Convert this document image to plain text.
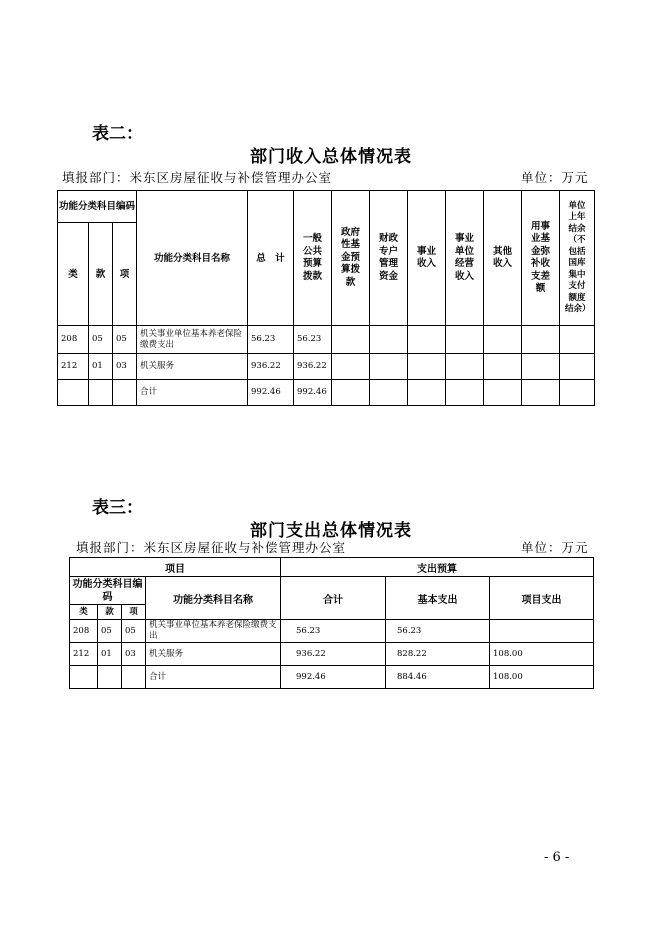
表二：
部门收入总体情况表
填报部门：米东区房屋征收与补偿管理办公室	单位：万元
功能分类科目编码			功能分类科目名称	总　计	一般公共预算拨款	政府性基金预算拨款	财政专户管理资金	事业收入	事业单位经营收入	其他收入	用事业基金弥补收支差额	单位上年结余（不包括国库集中支付额度结余）

类	款	项										
208	05	05	机关事业单位基本养老保险缴费支出	56.23	56.23							
212	01	03	机关服务	936.22	936.22							
			合计	992.46	992.46							
表三：
部门支出总体情况表
填报部门：米东区房屋征收与补偿管理办公室	单位：万元
项目				支出预算		
功能分类科目编码			功能分类科目名称	合计	基本支出	项目支出
类	款	项				
208	05	05	机关事业单位基本养老保险缴费支出	56.23	56.23	
212	01	03	机关服务	936.22	828.22	108.00
			合计	992.46	884.46	108.00
- 6 -
